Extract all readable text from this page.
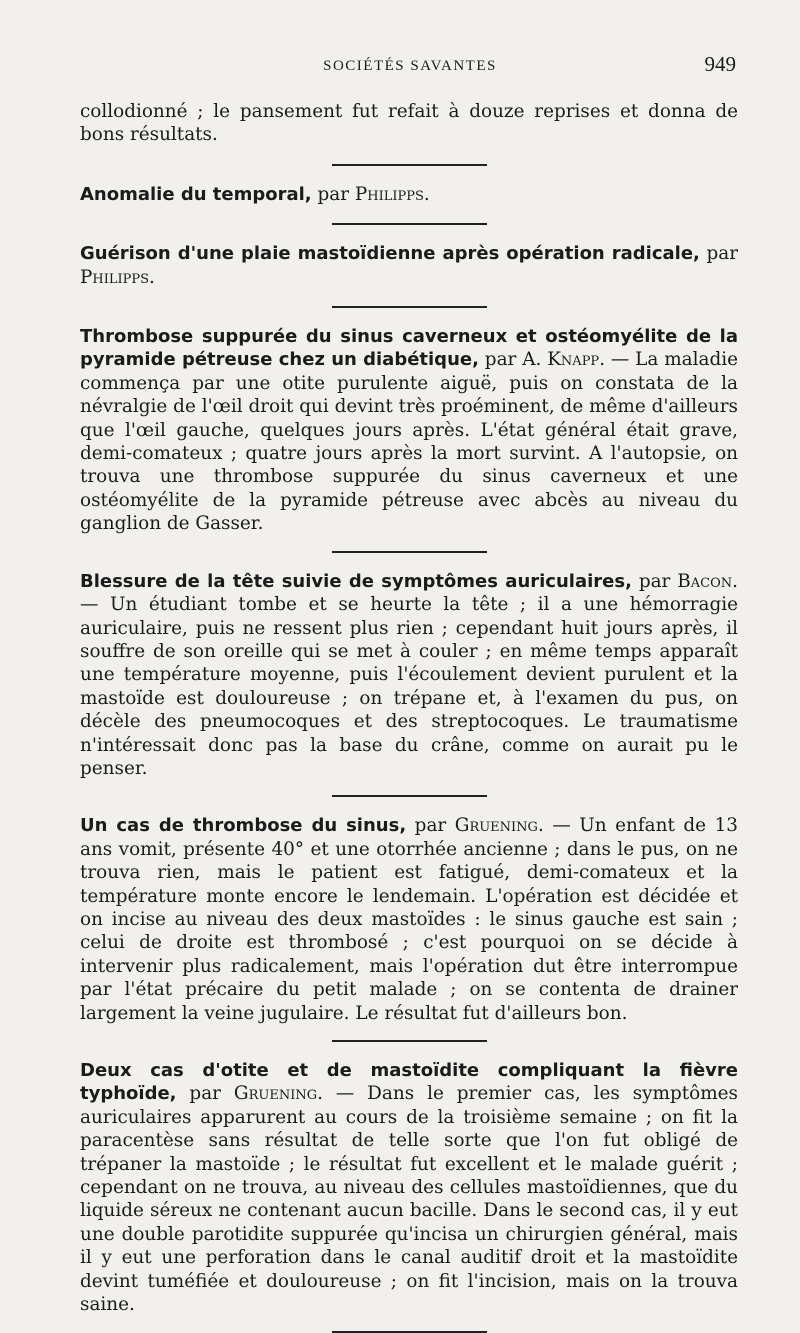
SOCIÉTÉS SAVANTES	949

collodionné ; le pansement fut refait à douze reprises et donna de bons résultats.

Anomalie du temporal, par Philipps.

Guérison d'une plaie mastoïdienne après opération radicale, par Philipps.

Thrombose suppurée du sinus caverneux et ostéomyélite de la pyramide pétreuse chez un diabétique, par A. Knapp. — La maladie commença par une otite purulente aiguë, puis on constata de la névralgie de l'œil droit qui devint très proéminent, de même d'ailleurs que l'œil gauche, quelques jours après. L'état général était grave, demi-comateux ; quatre jours après la mort survint. A l'autopsie, on trouva une thrombose suppurée du sinus caverneux et une ostéomyélite de la pyramide pétreuse avec abcès au niveau du ganglion de Gasser.

Blessure de la tête suivie de symptômes auriculaires, par Bacon. — Un étudiant tombe et se heurte la tête ; il a une hémorragie auriculaire, puis ne ressent plus rien ; cependant huit jours après, il souffre de son oreille qui se met à couler ; en même temps apparaît une température moyenne, puis l'écoulement devient purulent et la mastoïde est douloureuse ; on trépane et, à l'examen du pus, on décèle des pneumocoques et des streptocoques. Le traumatisme n'intéressait donc pas la base du crâne, comme on aurait pu le penser.

Un cas de thrombose du sinus, par Gruening. — Un enfant de 13 ans vomit, présente 40° et une otorrhée ancienne ; dans le pus, on ne trouva rien, mais le patient est fatigué, demi-comateux et la température monte encore le lendemain. L'opération est décidée et on incise au niveau des deux mastoïdes : le sinus gauche est sain ; celui de droite est thrombosé ; c'est pourquoi on se décide à intervenir plus radicalement, mais l'opération dut être interrompue par l'état précaire du petit malade ; on se contenta de drainer largement la veine jugulaire. Le résultat fut d'ailleurs bon.

Deux cas d'otite et de mastoïdite compliquant la fièvre typhoïde, par Gruening. — Dans le premier cas, les symptômes auriculaires apparurent au cours de la troisième semaine ; on fit la paracentèse sans résultat de telle sorte que l'on fut obligé de trépaner la mastoïde ; le résultat fut excellent et le malade guérit ; cependant on ne trouva, au niveau des cellules mastoïdiennes, que du liquide séreux ne contenant aucun bacille. Dans le second cas, il y eut une double parotidite suppurée qu'incisa un chirurgien général, mais il y eut une perforation dans le canal auditif droit et la mastoïdite devint tuméfiée et douloureuse ; on fit l'incision, mais on la trouva saine.
